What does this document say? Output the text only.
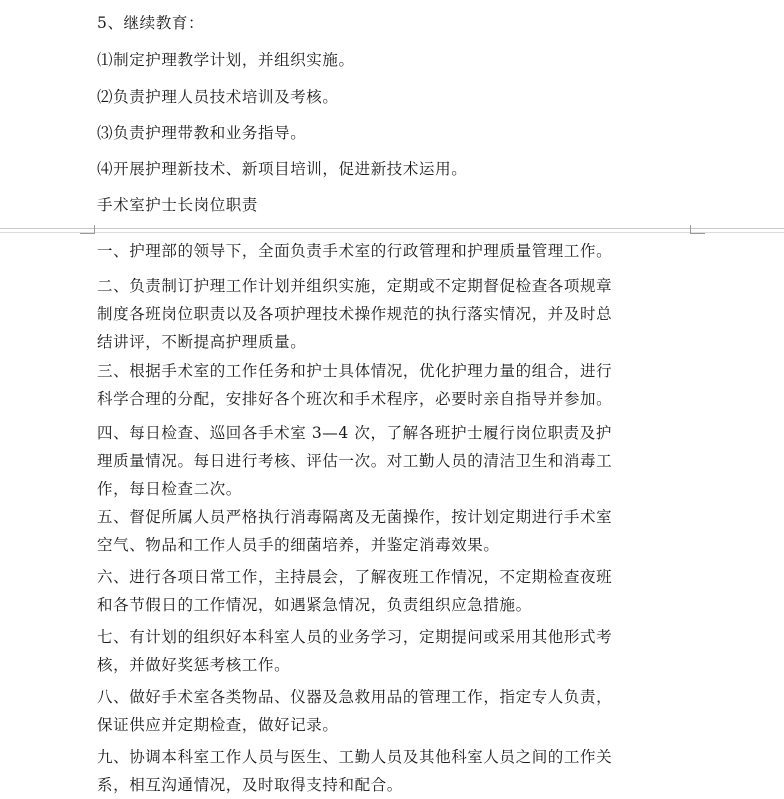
5、继续教育：

⑴制定护理教学计划，并组织实施。

⑵负责护理人员技术培训及考核。

⑶负责护理带教和业务指导。

⑷开展护理新技术、新项目培训，促进新技术运用。

手术室护士长岗位职责

一、护理部的领导下，全面负责手术室的行政管理和护理质量管理工作。

二、负责制订护理工作计划并组织实施，定期或不定期督促检查各项规章

制度各班岗位职责以及各项护理技术操作规范的执行落实情况，并及时总

结讲评，不断提高护理质量。

三、根据手术室的工作任务和护士具体情况，优化护理力量的组合，进行

科学合理的分配，安排好各个班次和手术程序，必要时亲自指导并参加。

四、每日检查、巡回各手术室 3—4 次，了解各班护士履行岗位职责及护

理质量情况。每日进行考核、评估一次。对工勤人员的清洁卫生和消毒工

作，每日检查二次。

五、督促所属人员严格执行消毒隔离及无菌操作，按计划定期进行手术室

空气、物品和工作人员手的细菌培养，并鉴定消毒效果。

六、进行各项日常工作，主持晨会，了解夜班工作情况，不定期检查夜班

和各节假日的工作情况，如遇紧急情况，负责组织应急措施。

七、有计划的组织好本科室人员的业务学习，定期提问或采用其他形式考

核，并做好奖惩考核工作。

八、做好手术室各类物品、仪器及急救用品的管理工作，指定专人负责，

保证供应并定期检查，做好记录。

九、协调本科室工作人员与医生、工勤人员及其他科室人员之间的工作关

系，相互沟通情况，及时取得支持和配合。
